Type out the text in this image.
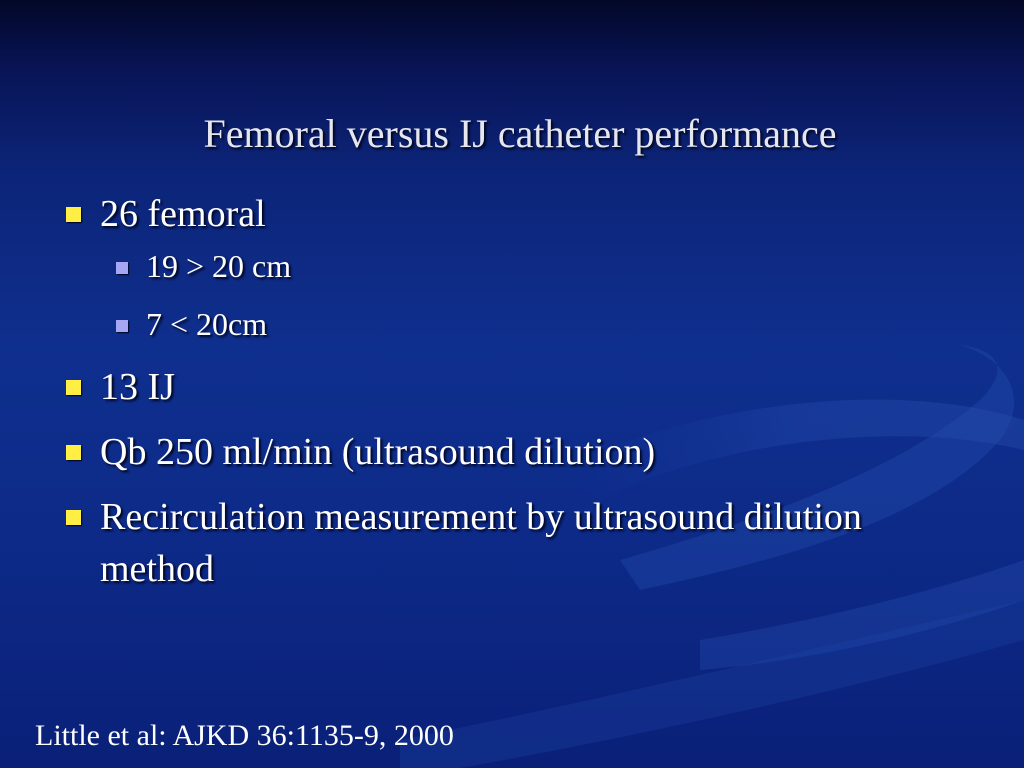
Femoral versus IJ catheter performance
26 femoral
19 > 20 cm
7 < 20cm
13 IJ
Qb 250 ml/min (ultrasound dilution)
Recirculation measurement by ultrasound dilution method
Little et al: AJKD 36:1135-9, 2000
